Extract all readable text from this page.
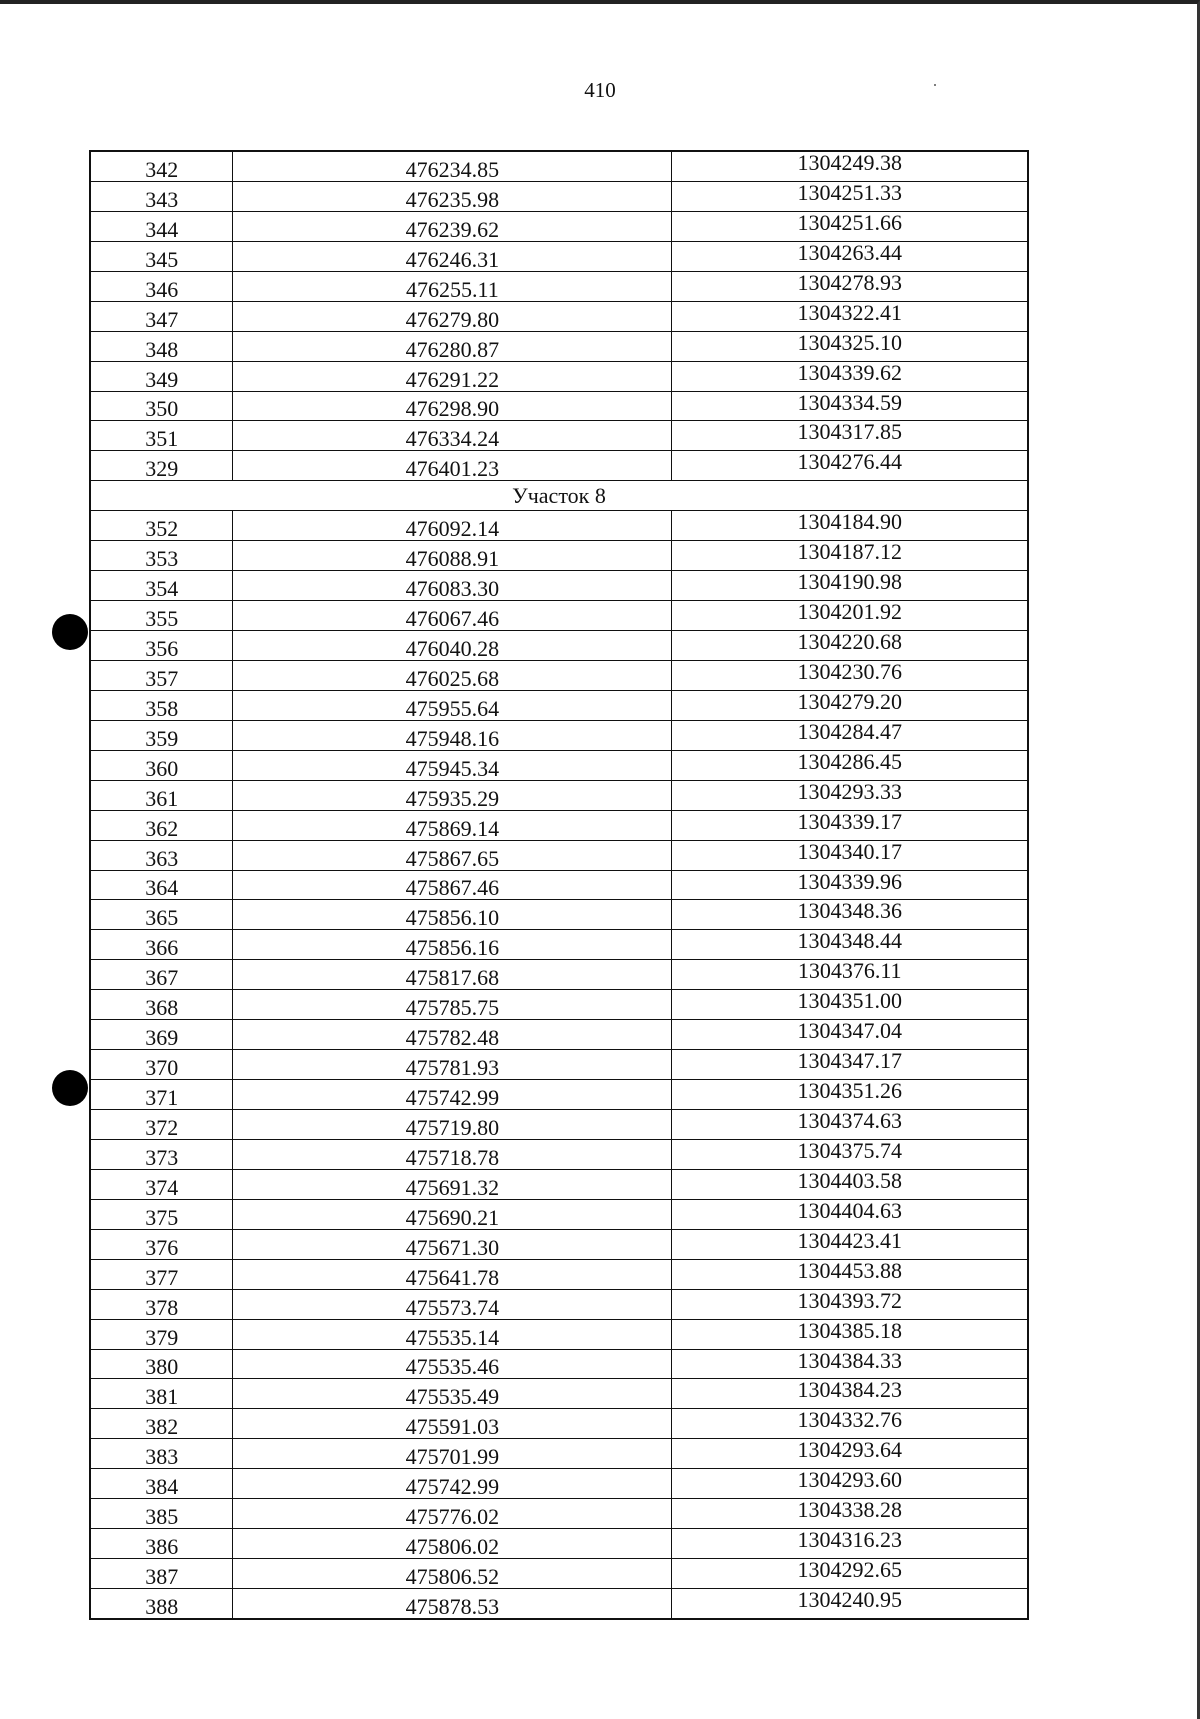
410
342	476234.85	1304249.38
343	476235.98	1304251.33
344	476239.62	1304251.66
345	476246.31	1304263.44
346	476255.11	1304278.93
347	476279.80	1304322.41
348	476280.87	1304325.10
349	476291.22	1304339.62
350	476298.90	1304334.59
351	476334.24	1304317.85
329	476401.23	1304276.44
Участок 8		
352	476092.14	1304184.90
353	476088.91	1304187.12
354	476083.30	1304190.98
355	476067.46	1304201.92
356	476040.28	1304220.68
357	476025.68	1304230.76
358	475955.64	1304279.20
359	475948.16	1304284.47
360	475945.34	1304286.45
361	475935.29	1304293.33
362	475869.14	1304339.17
363	475867.65	1304340.17
364	475867.46	1304339.96
365	475856.10	1304348.36
366	475856.16	1304348.44
367	475817.68	1304376.11
368	475785.75	1304351.00
369	475782.48	1304347.04
370	475781.93	1304347.17
371	475742.99	1304351.26
372	475719.80	1304374.63
373	475718.78	1304375.74
374	475691.32	1304403.58
375	475690.21	1304404.63
376	475671.30	1304423.41
377	475641.78	1304453.88
378	475573.74	1304393.72
379	475535.14	1304385.18
380	475535.46	1304384.33
381	475535.49	1304384.23
382	475591.03	1304332.76
383	475701.99	1304293.64
384	475742.99	1304293.60
385	475776.02	1304338.28
386	475806.02	1304316.23
387	475806.52	1304292.65
388	475878.53	1304240.95
